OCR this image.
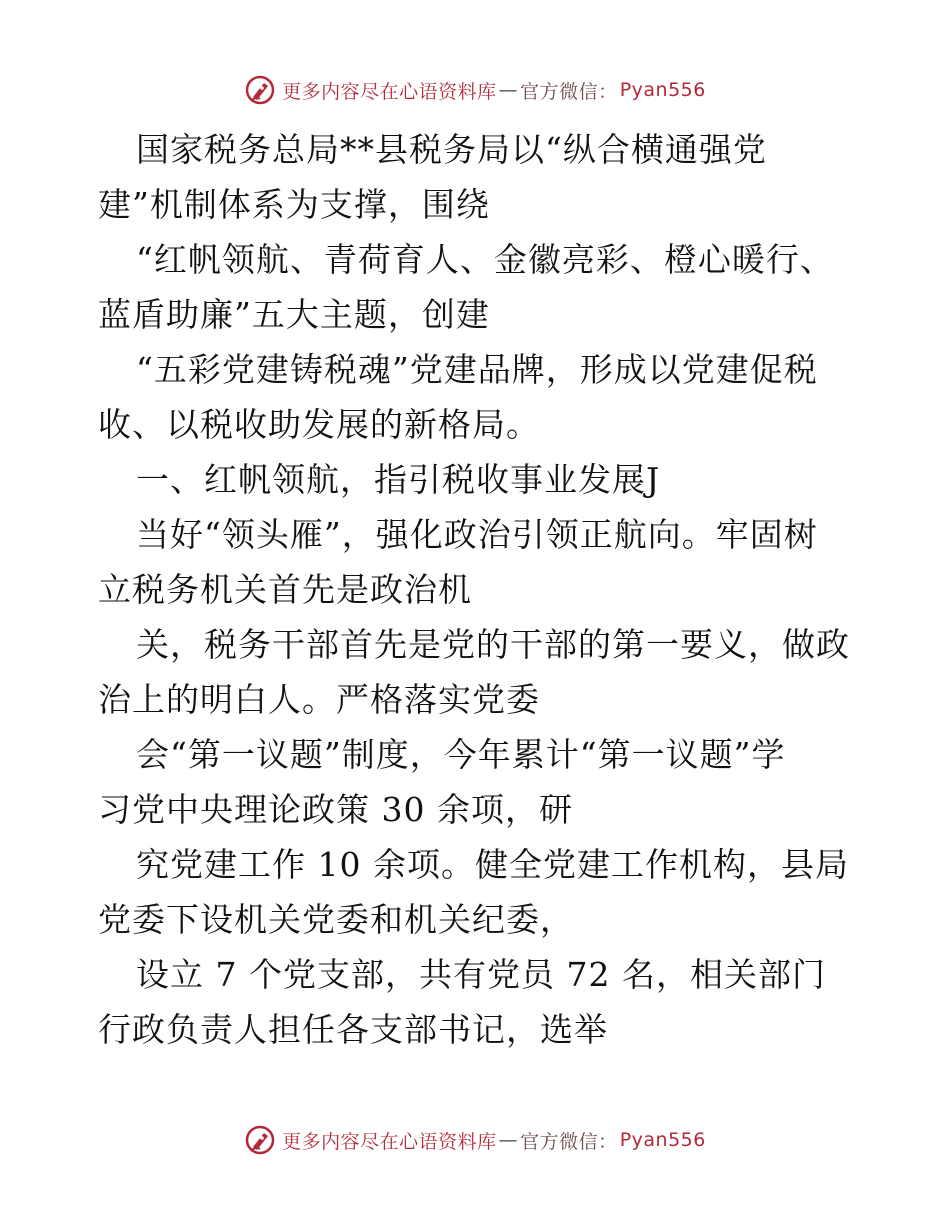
更多内容尽在心语资料库 — 官方微信： Pyan556
国家税务总局**县税务局以“纵合横通强党
建”机制体系为支撑，围绕
“红帆领航、青荷育人、金徽亮彩、橙心暖行、
蓝盾助廉”五大主题，创建
“五彩党建铸税魂”党建品牌，形成以党建促税
收、以税收助发展的新格局。
一、红帆领航，指引税收事业发展J
当好“领头雁”，强化政治引领正航向。牢固树
立税务机关首先是政治机
关，税务干部首先是党的干部的第一要义，做政
治上的明白人。严格落实党委
会“第一议题”制度，今年累计“第一议题”学
习党中央理论政策 30 余项，研
究党建工作 10 余项。健全党建工作机构，县局
党委下设机关党委和机关纪委，
设立 7 个党支部，共有党员 72 名，相关部门
行政负责人担任各支部书记，选举
更多内容尽在心语资料库 — 官方微信： Pyan556
